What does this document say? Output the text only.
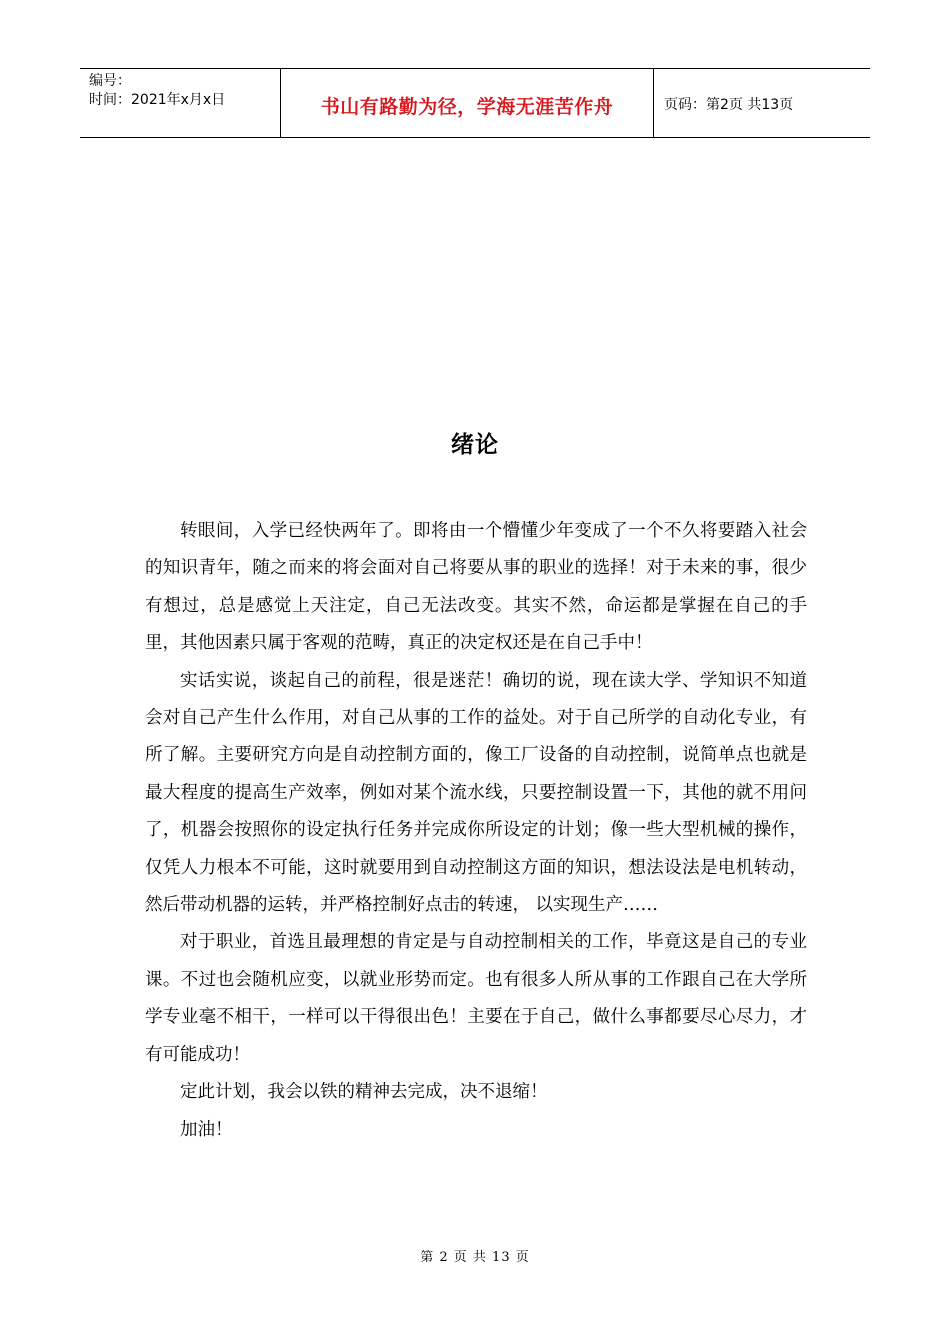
编号：
时间：2021年x月x日	书山有路勤为径，学海无涯苦作舟	页码：第2页 共13页
绪论

转眼间，入学已经快两年了。即将由一个懵懂少年变成了一个不久将要踏入社会的知识青年，随之而来的将会面对自己将要从事的职业的选择！对于未来的事，很少有想过，总是感觉上天注定，自己无法改变。其实不然，命运都是掌握在自己的手里，其他因素只属于客观的范畴，真正的决定权还是在自己手中！

实话实说，谈起自己的前程，很是迷茫！确切的说，现在读大学、学知识不知道会对自己产生什么作用，对自己从事的工作的益处。对于自己所学的自动化专业，有所了解。主要研究方向是自动控制方面的，像工厂设备的自动控制，说简单点也就是最大程度的提高生产效率，例如对某个流水线，只要控制设置一下，其他的就不用问了，机器会按照你的设定执行任务并完成你所设定的计划；像一些大型机械的操作，仅凭人力根本不可能，这时就要用到自动控制这方面的知识，想法设法是电机转动，然后带动机器的运转，并严格控制好点击的转速， 以实现生产……

对于职业，首选且最理想的肯定是与自动控制相关的工作，毕竟这是自己的专业课。不过也会随机应变，以就业形势而定。也有很多人所从事的工作跟自己在大学所学专业毫不相干，一样可以干得很出色！主要在于自己，做什么事都要尽心尽力，才有可能成功！

定此计划，我会以铁的精神去完成，决不退缩！

加油！

第 2 页 共 13 页
